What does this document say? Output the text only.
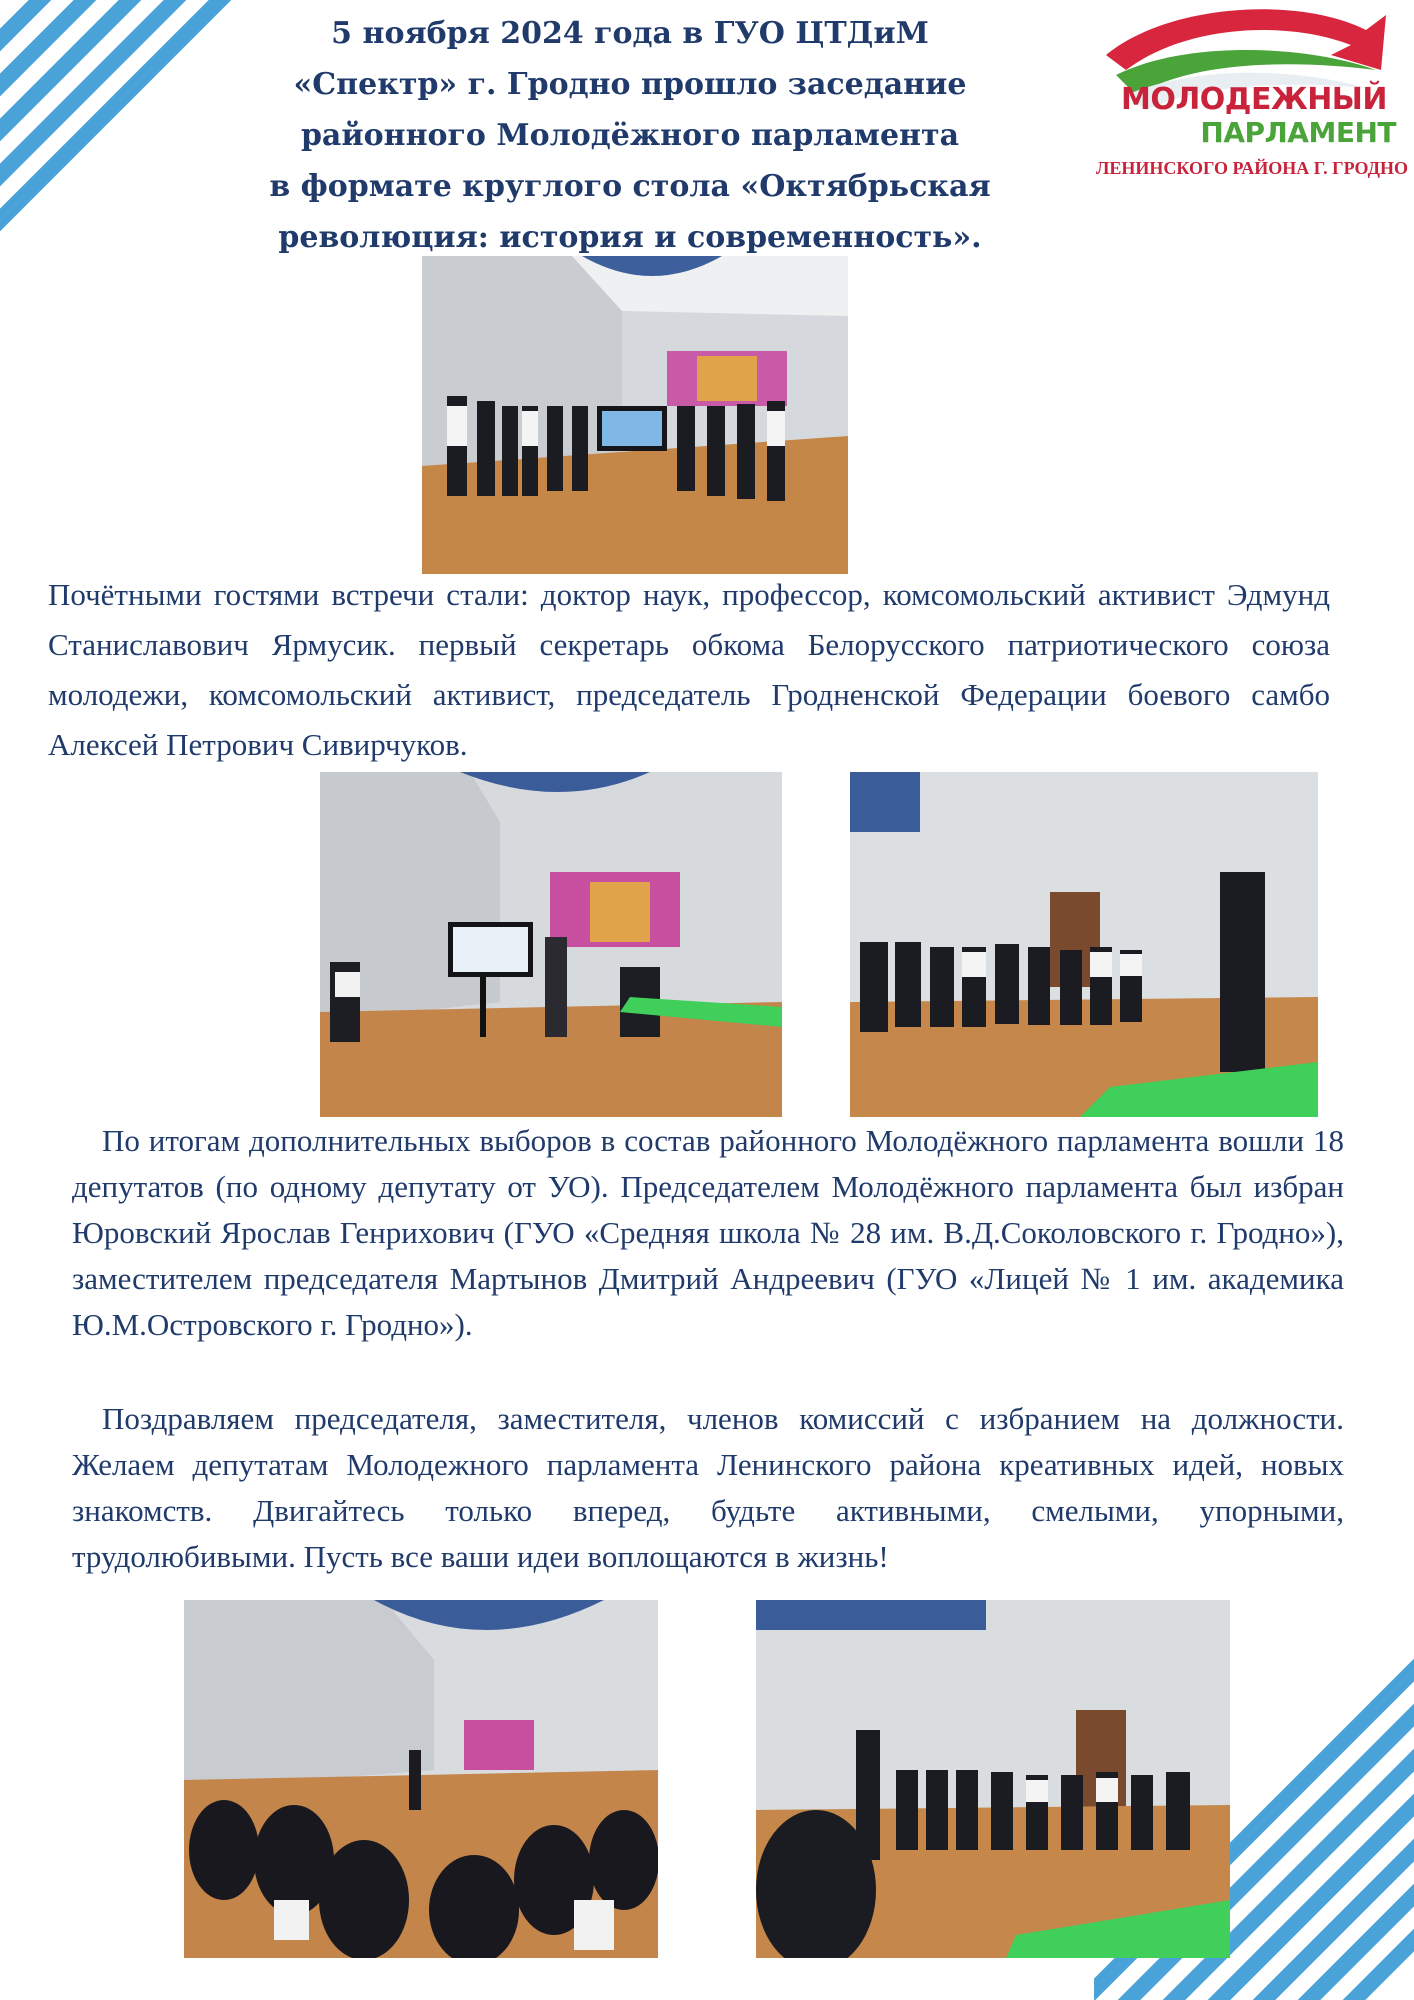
5 ноября 2024 года в ГУО ЦТДиМ
«Спектр» г. Гродно прошло заседание
районного Молодёжного парламента
в формате круглого стола «Октябрьская
революция: история и современность».
МОЛОДЕЖНЫЙ
ПАРЛАМЕНТ
ЛЕНИНСКОГО РАЙОНА Г. ГРОДНО

Почётными гостями встречи стали: доктор наук, профессор, комсомольский активист Эдмунд Станиславович Ярмусик. первый секретарь обкома Белорусского патриотического союза молодежи, комсомольский активист, председатель Гродненской Федерации боевого самбо Алексей Петрович Сивирчуков.

По итогам дополнительных выборов в состав районного Молодёжного парламента вошли 18 депутатов (по одному депутату от УО). Председателем Молодёжного парламента был избран Юровский Ярослав Генрихович (ГУО «Средняя школа № 28 им. В.Д.Соколовского г. Гродно»), заместителем председателя Мартынов Дмитрий Андреевич (ГУО «Лицей № 1 им. академика Ю.М.Островского г. Гродно»).

Поздравляем председателя, заместителя, членов комиссий с избранием на должности. Желаем депутатам Молодежного парламента Ленинского района креативных идей, новых знакомств. Двигайтесь только вперед, будьте активными, смелыми, упорными, трудолюбивыми. Пусть все ваши идеи воплощаются в жизнь!
